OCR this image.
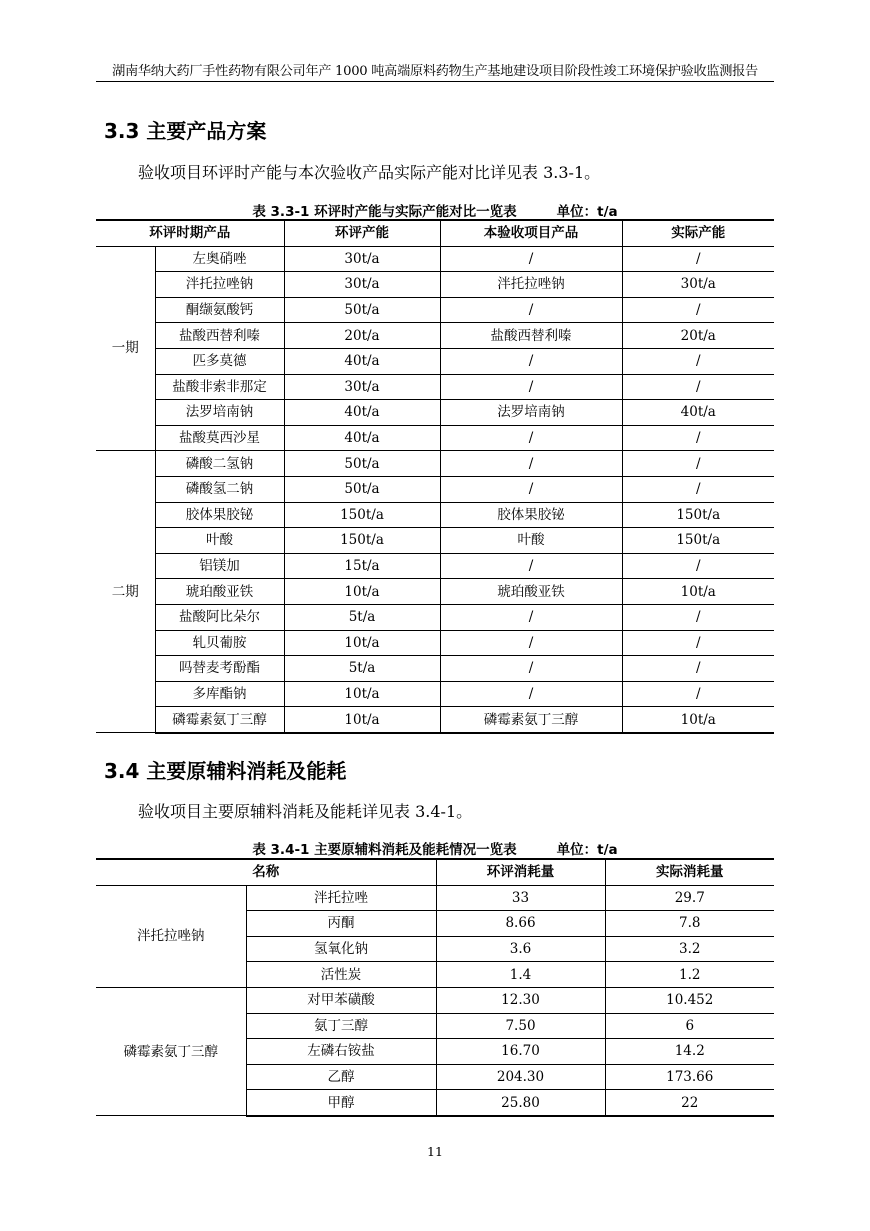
湖南华纳大药厂手性药物有限公司年产 1000 吨高端原料药物生产基地建设项目阶段性竣工环境保护验收监测报告
3.3 主要产品方案
验收项目环评时产能与本次验收产品实际产能对比详见表 3.3-1。
表 3.3-1 环评时产能与实际产能对比一览表	单位：t/a
环评时期产品		环评产能	本验收项目产品	实际产能
一期	左奥硝唑	30t/a	/	/
	泮托拉唑钠	30t/a	泮托拉唑钠	30t/a
	酮缬氨酸钙	50t/a	/	/
	盐酸西替利嗪	20t/a	盐酸西替利嗪	20t/a
	匹多莫德	40t/a	/	/
	盐酸非索非那定	30t/a	/	/
	法罗培南钠	40t/a	法罗培南钠	40t/a
	盐酸莫西沙星	40t/a	/	/
二期	磷酸二氢钠	50t/a	/	/
	磷酸氢二钠	50t/a	/	/
	胶体果胶铋	150t/a	胶体果胶铋	150t/a
	叶酸	150t/a	叶酸	150t/a
	铝镁加	15t/a	/	/
	琥珀酸亚铁	10t/a	琥珀酸亚铁	10t/a
	盐酸阿比朵尔	5t/a	/	/
	轧贝葡胺	10t/a	/	/
	吗替麦考酚酯	5t/a	/	/
	多库酯钠	10t/a	/	/
	磷霉素氨丁三醇	10t/a	磷霉素氨丁三醇	10t/a
3.4 主要原辅料消耗及能耗
验收项目主要原辅料消耗及能耗详见表 3.4-1。
表 3.4-1 主要原辅料消耗及能耗情况一览表	单位：t/a
名称		环评消耗量	实际消耗量
泮托拉唑钠	泮托拉唑	33	29.7
	丙酮	8.66	7.8
	氢氧化钠	3.6	3.2
	活性炭	1.4	1.2
磷霉素氨丁三醇	对甲苯磺酸	12.30	10.452
	氨丁三醇	7.50	6
	左磷右铵盐	16.70	14.2
	乙醇	204.30	173.66
	甲醇	25.80	22
11
